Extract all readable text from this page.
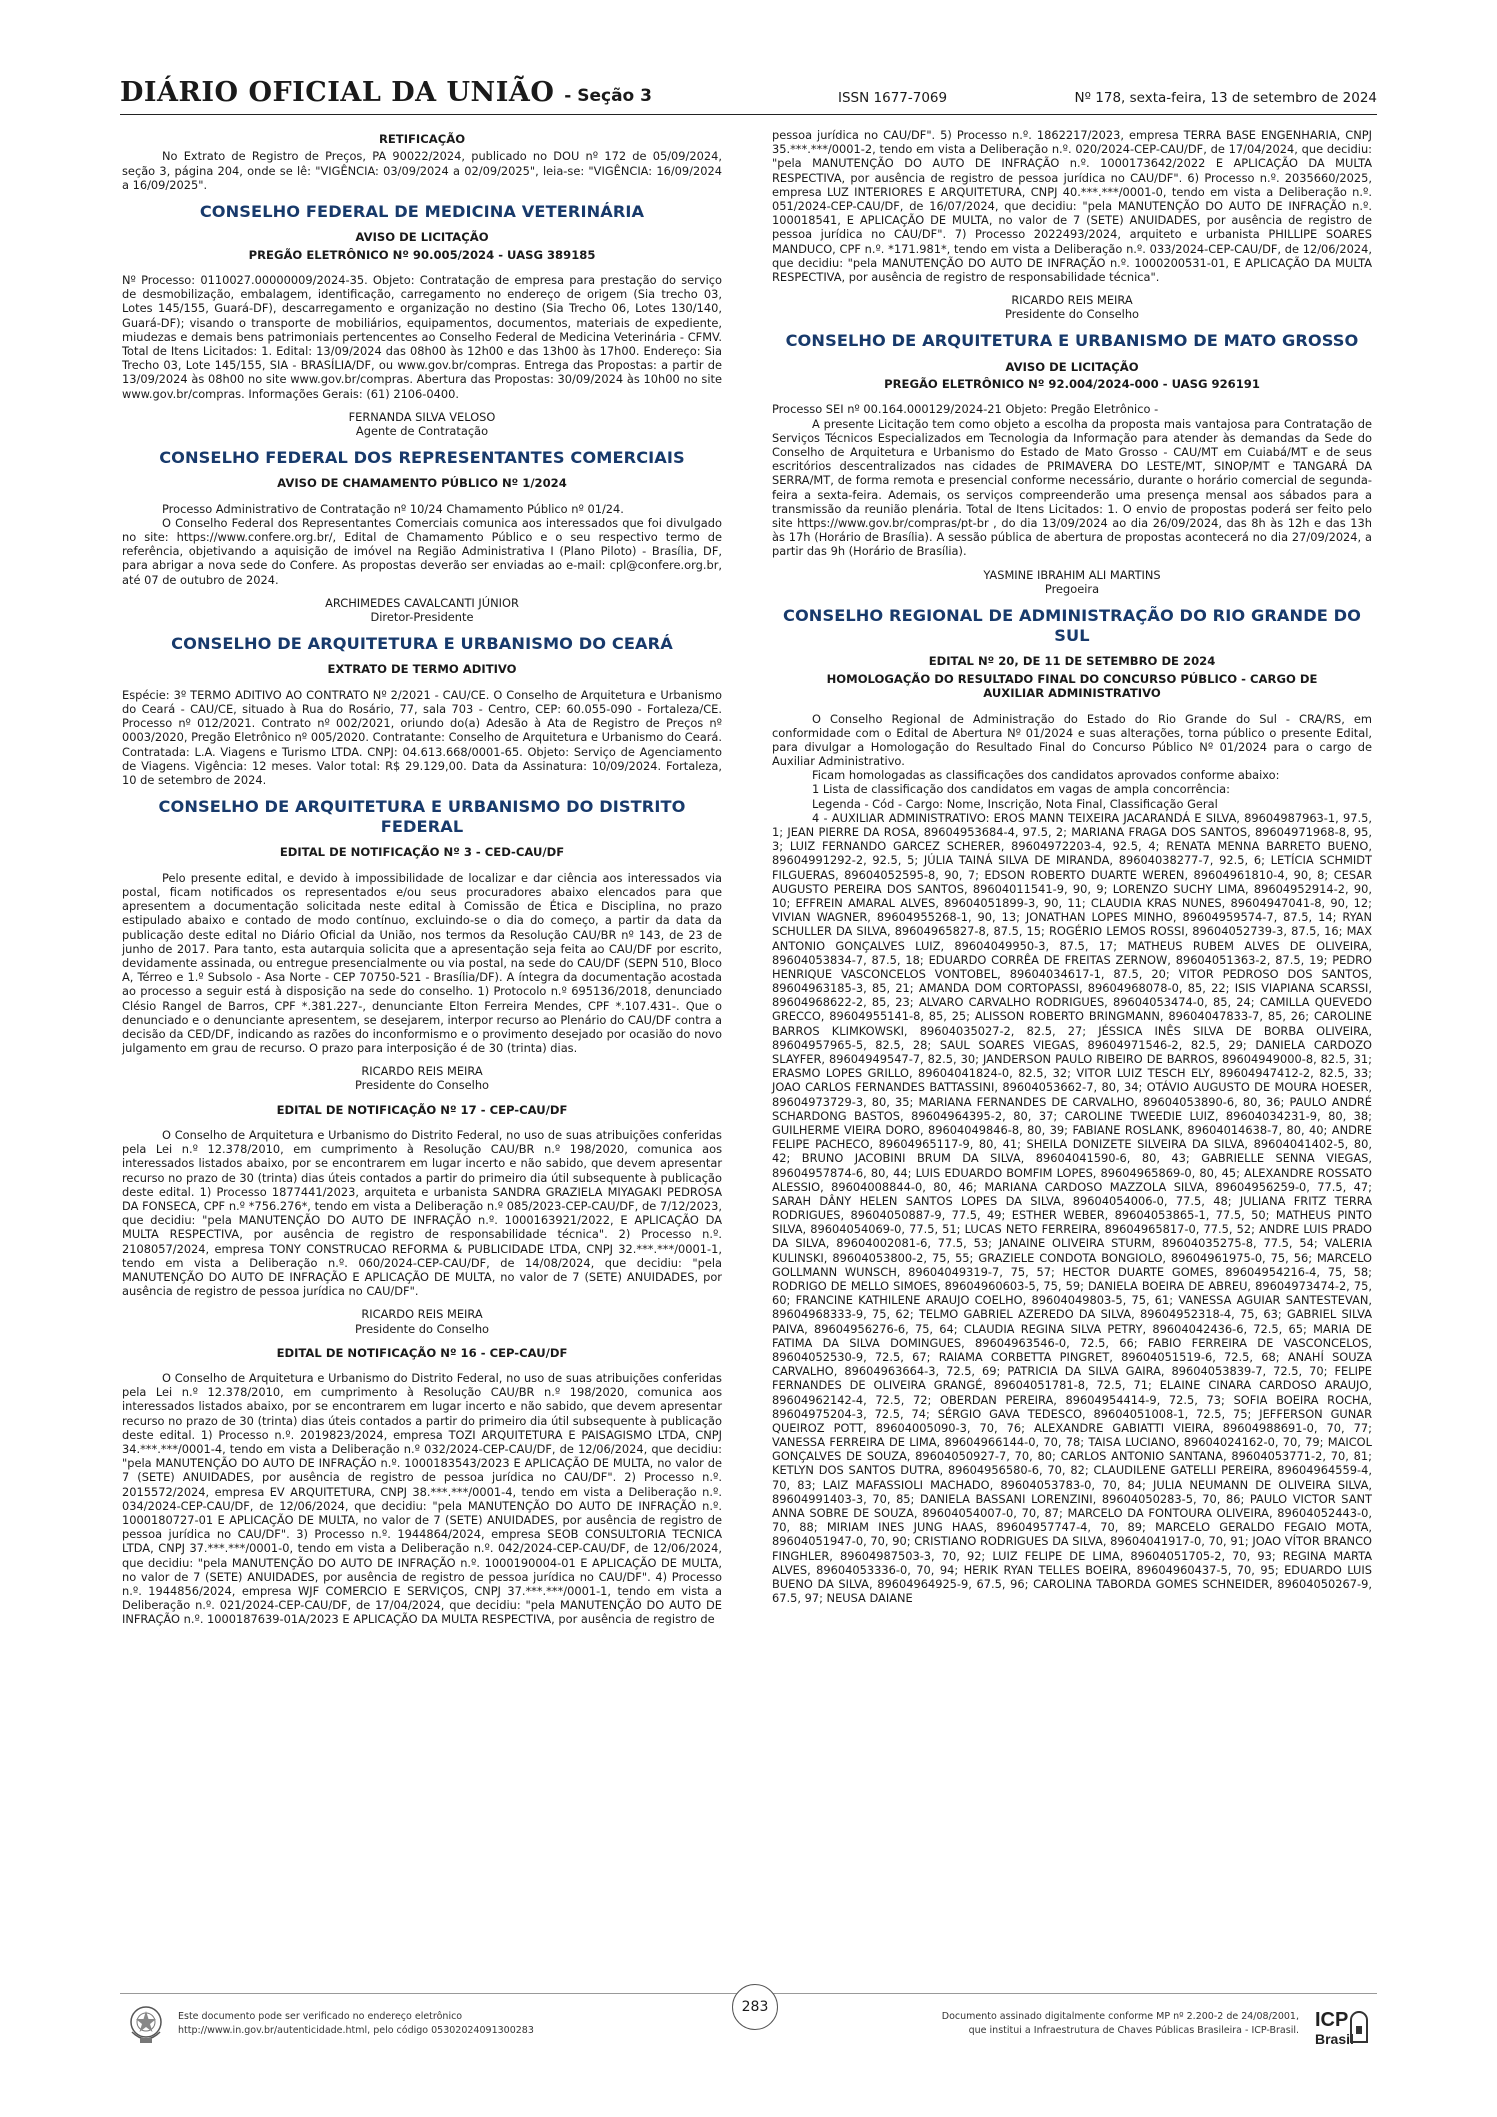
DIÁRIO OFICIAL DA UNIÃO - Seção 3	ISSN 1677-7069	Nº 178, sexta-feira, 13 de setembro de 2024
RETIFICAÇÃO

No Extrato de Registro de Preços, PA 90022/2024, publicado no DOU nº 172 de 05/09/2024, seção 3, página 204, onde se lê: "VIGÊNCIA: 03/09/2024 a 02/09/2025", leia-se: "VIGÊNCIA: 16/09/2024 a 16/09/2025".

CONSELHO FEDERAL DE MEDICINA VETERINÁRIA
AVISO DE LICITAÇÃO
PREGÃO ELETRÔNICO Nº 90.005/2024 - UASG 389185

Nº Processo: 0110027.00000009/2024-35. Objeto: Contratação de empresa para prestação do serviço de desmobilização, embalagem, identificação, carregamento no endereço de origem (Sia trecho 03, Lotes 145/155, Guará-DF), descarregamento e organização no destino (Sia Trecho 06, Lotes 130/140, Guará-DF); visando o transporte de mobiliários, equipamentos, documentos, materiais de expediente, miudezas e demais bens patrimoniais pertencentes ao Conselho Federal de Medicina Veterinária - CFMV. Total de Itens Licitados: 1. Edital: 13/09/2024 das 08h00 às 12h00 e das 13h00 às 17h00. Endereço: Sia Trecho 03, Lote 145/155, SIA - BRASÍLIA/DF, ou www.gov.br/compras. Entrega das Propostas: a partir de 13/09/2024 às 08h00 no site www.gov.br/compras. Abertura das Propostas: 30/09/2024 às 10h00 no site www.gov.br/compras. Informações Gerais: (61) 2106-0400.

FERNANDA SILVA VELOSO
Agente de Contratação
CONSELHO FEDERAL DOS REPRESENTANTES COMERCIAIS
AVISO DE CHAMAMENTO PÚBLICO Nº 1/2024

Processo Administrativo de Contratação nº 10/24 Chamamento Público nº 01/24.

O Conselho Federal dos Representantes Comerciais comunica aos interessados que foi divulgado no site: https://www.confere.org.br/, Edital de Chamamento Público e o seu respectivo termo de referência, objetivando a aquisição de imóvel na Região Administrativa I (Plano Piloto) - Brasília, DF, para abrigar a nova sede do Confere. As propostas deverão ser enviadas ao e-mail: cpl@confere.org.br, até 07 de outubro de 2024.

ARCHIMEDES CAVALCANTI JÚNIOR
Diretor-Presidente
CONSELHO DE ARQUITETURA E URBANISMO DO CEARÁ
EXTRATO DE TERMO ADITIVO

Espécie: 3º TERMO ADITIVO AO CONTRATO Nº 2/2021 - CAU/CE. O Conselho de Arquitetura e Urbanismo do Ceará - CAU/CE, situado à Rua do Rosário, 77, sala 703 - Centro, CEP: 60.055-090 - Fortaleza/CE. Processo nº 012/2021. Contrato nº 002/2021, oriundo do(a) Adesão à Ata de Registro de Preços nº 0003/2020, Pregão Eletrônico nº 005/2020. Contratante: Conselho de Arquitetura e Urbanismo do Ceará. Contratada: L.A. Viagens e Turismo LTDA. CNPJ: 04.613.668/0001-65. Objeto: Serviço de Agenciamento de Viagens. Vigência: 12 meses. Valor total: R$ 29.129,00. Data da Assinatura: 10/09/2024. Fortaleza, 10 de setembro de 2024.

CONSELHO DE ARQUITETURA E URBANISMO DO DISTRITO FEDERAL
EDITAL DE NOTIFICAÇÃO Nº 3 - CED-CAU/DF

Pelo presente edital, e devido à impossibilidade de localizar e dar ciência aos interessados via postal, ficam notificados os representados e/ou seus procuradores abaixo elencados para que apresentem a documentação solicitada neste edital à Comissão de Ética e Disciplina, no prazo estipulado abaixo e contado de modo contínuo, excluindo-se o dia do começo, a partir da data da publicação deste edital no Diário Oficial da União, nos termos da Resolução CAU/BR nº 143, de 23 de junho de 2017. Para tanto, esta autarquia solicita que a apresentação seja feita ao CAU/DF por escrito, devidamente assinada, ou entregue presencialmente ou via postal, na sede do CAU/DF (SEPN 510, Bloco A, Térreo e 1.º Subsolo - Asa Norte - CEP 70750-521 - Brasília/DF). A íntegra da documentação acostada ao processo a seguir está à disposição na sede do conselho. 1) Protocolo n.º 695136/2018, denunciado Clésio Rangel de Barros, CPF *.381.227-, denunciante Elton Ferreira Mendes, CPF *.107.431-. Que o denunciado e o denunciante apresentem, se desejarem, interpor recurso ao Plenário do CAU/DF contra a decisão da CED/DF, indicando as razões do inconformismo e o provimento desejado por ocasião do novo julgamento em grau de recurso. O prazo para interposição é de 30 (trinta) dias.

RICARDO REIS MEIRA
Presidente do Conselho
EDITAL DE NOTIFICAÇÃO Nº 17 - CEP-CAU/DF

O Conselho de Arquitetura e Urbanismo do Distrito Federal, no uso de suas atribuições conferidas pela Lei n.º 12.378/2010, em cumprimento à Resolução CAU/BR n.º 198/2020, comunica aos interessados listados abaixo, por se encontrarem em lugar incerto e não sabido, que devem apresentar recurso no prazo de 30 (trinta) dias úteis contados a partir do primeiro dia útil subsequente à publicação deste edital. 1) Processo 1877441/2023, arquiteta e urbanista SANDRA GRAZIELA MIYAGAKI PEDROSA DA FONSECA, CPF n.º *756.276*, tendo em vista a Deliberação n.º 085/2023-CEP-CAU/DF, de 7/12/2023, que decidiu: "pela MANUTENÇÃO DO AUTO DE INFRAÇÃO n.º. 1000163921/2022, E APLICAÇÃO DA MULTA RESPECTIVA, por ausência de registro de responsabilidade técnica". 2) Processo n.º. 2108057/2024, empresa TONY CONSTRUCAO REFORMA & PUBLICIDADE LTDA, CNPJ 32.***.***/0001-1, tendo em vista a Deliberação n.º. 060/2024-CEP-CAU/DF, de 14/08/2024, que decidiu: "pela MANUTENÇÃO DO AUTO DE INFRAÇÃO E APLICAÇÃO DE MULTA, no valor de 7 (SETE) ANUIDADES, por ausência de registro de pessoa jurídica no CAU/DF".

RICARDO REIS MEIRA
Presidente do Conselho
EDITAL DE NOTIFICAÇÃO Nº 16 - CEP-CAU/DF

O Conselho de Arquitetura e Urbanismo do Distrito Federal, no uso de suas atribuições conferidas pela Lei n.º 12.378/2010, em cumprimento à Resolução CAU/BR n.º 198/2020, comunica aos interessados listados abaixo, por se encontrarem em lugar incerto e não sabido, que devem apresentar recurso no prazo de 30 (trinta) dias úteis contados a partir do primeiro dia útil subsequente à publicação deste edital. 1) Processo n.º. 2019823/2024, empresa TOZI ARQUITETURA E PAISAGISMO LTDA, CNPJ 34.***.***/0001-4, tendo em vista a Deliberação n.º 032/2024-CEP-CAU/DF, de 12/06/2024, que decidiu: "pela MANUTENÇÃO DO AUTO DE INFRAÇÃO n.º. 1000183543/2023 E APLICAÇÃO DE MULTA, no valor de 7 (SETE) ANUIDADES, por ausência de registro de pessoa jurídica no CAU/DF". 2) Processo n.º. 2015572/2024, empresa EV ARQUITETURA, CNPJ 38.***.***/0001-4, tendo em vista a Deliberação n.º. 034/2024-CEP-CAU/DF, de 12/06/2024, que decidiu: "pela MANUTENÇÃO DO AUTO DE INFRAÇÃO n.º. 1000180727-01 E APLICAÇÃO DE MULTA, no valor de 7 (SETE) ANUIDADES, por ausência de registro de pessoa jurídica no CAU/DF". 3) Processo n.º. 1944864/2024, empresa SEOB CONSULTORIA TECNICA LTDA, CNPJ 37.***.***/0001-0, tendo em vista a Deliberação n.º. 042/2024-CEP-CAU/DF, de 12/06/2024, que decidiu: "pela MANUTENÇÃO DO AUTO DE INFRAÇÃO n.º. 1000190004-01 E APLICAÇÃO DE MULTA, no valor de 7 (SETE) ANUIDADES, por ausência de registro de pessoa jurídica no CAU/DF". 4) Processo n.º. 1944856/2024, empresa WJF COMERCIO E SERVIÇOS, CNPJ 37.***.***/0001-1, tendo em vista a Deliberação n.º. 021/2024-CEP-CAU/DF, de 17/04/2024, que decidiu: "pela MANUTENÇÃO DO AUTO DE INFRAÇÃO n.º. 1000187639-01A/2023 E APLICAÇÃO DA MULTA RESPECTIVA, por ausência de registro de

pessoa jurídica no CAU/DF". 5) Processo n.º. 1862217/2023, empresa TERRA BASE ENGENHARIA, CNPJ 35.***.***/0001-2, tendo em vista a Deliberação n.º. 020/2024-CEP-CAU/DF, de 17/04/2024, que decidiu: "pela MANUTENÇÃO DO AUTO DE INFRAÇÃO n.º. 1000173642/2022 E APLICAÇÃO DA MULTA RESPECTIVA, por ausência de registro de pessoa jurídica no CAU/DF". 6) Processo n.º. 2035660/2025, empresa LUZ INTERIORES E ARQUITETURA, CNPJ 40.***.***/0001-0, tendo em vista a Deliberação n.º. 051/2024-CEP-CAU/DF, de 16/07/2024, que decidiu: "pela MANUTENÇÃO DO AUTO DE INFRAÇÃO n.º. 100018541, E APLICAÇÃO DE MULTA, no valor de 7 (SETE) ANUIDADES, por ausência de registro de pessoa jurídica no CAU/DF". 7) Processo 2022493/2024, arquiteto e urbanista PHILLIPE SOARES MANDUCO, CPF n.º. *171.981*, tendo em vista a Deliberação n.º. 033/2024-CEP-CAU/DF, de 12/06/2024, que decidiu: "pela MANUTENÇÃO DO AUTO DE INFRAÇÃO n.º. 1000200531-01, E APLICAÇÃO DA MULTA RESPECTIVA, por ausência de registro de responsabilidade técnica".

RICARDO REIS MEIRA
Presidente do Conselho
CONSELHO DE ARQUITETURA E URBANISMO DE MATO GROSSO
AVISO DE LICITAÇÃO
PREGÃO ELETRÔNICO Nº 92.004/2024-000 - UASG 926191

Processo SEI nº 00.164.000129/2024-21 Objeto: Pregão Eletrônico -

A presente Licitação tem como objeto a escolha da proposta mais vantajosa para Contratação de Serviços Técnicos Especializados em Tecnologia da Informação para atender às demandas da Sede do Conselho de Arquitetura e Urbanismo do Estado de Mato Grosso - CAU/MT em Cuiabá/MT e de seus escritórios descentralizados nas cidades de PRIMAVERA DO LESTE/MT, SINOP/MT e TANGARÁ DA SERRA/MT, de forma remota e presencial conforme necessário, durante o horário comercial de segunda-feira a sexta-feira. Ademais, os serviços compreenderão uma presença mensal aos sábados para a transmissão da reunião plenária. Total de Itens Licitados: 1. O envio de propostas poderá ser feito pelo site https://www.gov.br/compras/pt-br , do dia 13/09/2024 ao dia 26/09/2024, das 8h às 12h e das 13h às 17h (Horário de Brasília). A sessão pública de abertura de propostas acontecerá no dia 27/09/2024, a partir das 9h (Horário de Brasília).

YASMINE IBRAHIM ALI MARTINS
Pregoeira
CONSELHO REGIONAL DE ADMINISTRAÇÃO DO RIO GRANDE DO SUL
EDITAL Nº 20, DE 11 DE SETEMBRO DE 2024
HOMOLOGAÇÃO DO RESULTADO FINAL DO CONCURSO PÚBLICO - CARGO DE AUXILIAR ADMINISTRATIVO

O Conselho Regional de Administração do Estado do Rio Grande do Sul - CRA/RS, em conformidade com o Edital de Abertura Nº 01/2024 e suas alterações, torna público o presente Edital, para divulgar a Homologação do Resultado Final do Concurso Público Nº 01/2024 para o cargo de Auxiliar Administrativo.

Ficam homologadas as classificações dos candidatos aprovados conforme abaixo:

1 Lista de classificação dos candidatos em vagas de ampla concorrência:

Legenda - Cód - Cargo: Nome, Inscrição, Nota Final, Classificação Geral

4 - AUXILIAR ADMINISTRATIVO: EROS MANN TEIXEIRA JACARANDÁ E SILVA, 89604987963-1, 97.5, 1; JEAN PIERRE DA ROSA, 89604953684-4, 97.5, 2; MARIANA FRAGA DOS SANTOS, 89604971968-8, 95, 3; LUIZ FERNANDO GARCEZ SCHERER, 89604972203-4, 92.5, 4; RENATA MENNA BARRETO BUENO, 89604991292-2, 92.5, 5; JÚLIA TAINÁ SILVA DE MIRANDA, 89604038277-7, 92.5, 6; LETÍCIA SCHMIDT FILGUERAS, 89604052595-8, 90, 7; EDSON ROBERTO DUARTE WEREN, 89604961810-4, 90, 8; CESAR AUGUSTO PEREIRA DOS SANTOS, 89604011541-9, 90, 9; LORENZO SUCHY LIMA, 89604952914-2, 90, 10; EFFREIN AMARAL ALVES, 89604051899-3, 90, 11; CLAUDIA KRAS NUNES, 89604947041-8, 90, 12; VIVIAN WAGNER, 89604955268-1, 90, 13; JONATHAN LOPES MINHO, 89604959574-7, 87.5, 14; RYAN SCHULLER DA SILVA, 89604965827-8, 87.5, 15; ROGÉRIO LEMOS ROSSI, 89604052739-3, 87.5, 16; MAX ANTONIO GONÇALVES LUIZ, 89604049950-3, 87.5, 17; MATHEUS RUBEM ALVES DE OLIVEIRA, 89604053834-7, 87.5, 18; EDUARDO CORRÊA DE FREITAS ZERNOW, 89604051363-2, 87.5, 19; PEDRO HENRIQUE VASCONCELOS VONTOBEL, 89604034617-1, 87.5, 20; VITOR PEDROSO DOS SANTOS, 89604963185-3, 85, 21; AMANDA DOM CORTOPASSI, 89604968078-0, 85, 22; ISIS VIAPIANA SCARSSI, 89604968622-2, 85, 23; ALVARO CARVALHO RODRIGUES, 89604053474-0, 85, 24; CAMILLA QUEVEDO GRECCO, 89604955141-8, 85, 25; ALISSON ROBERTO BRINGMANN, 89604047833-7, 85, 26; CAROLINE BARROS KLIMKOWSKI, 89604035027-2, 82.5, 27; JÉSSICA INÊS SILVA DE BORBA OLIVEIRA, 89604957965-5, 82.5, 28; SAUL SOARES VIEGAS, 89604971546-2, 82.5, 29; DANIELA CARDOZO SLAYFER, 89604949547-7, 82.5, 30; JANDERSON PAULO RIBEIRO DE BARROS, 89604949000-8, 82.5, 31; ERASMO LOPES GRILLO, 89604041824-0, 82.5, 32; VITOR LUIZ TESCH ELY, 89604947412-2, 82.5, 33; JOAO CARLOS FERNANDES BATTASSINI, 89604053662-7, 80, 34; OTÁVIO AUGUSTO DE MOURA HOESER, 89604973729-3, 80, 35; MARIANA FERNANDES DE CARVALHO, 89604053890-6, 80, 36; PAULO ANDRÉ SCHARDONG BASTOS, 89604964395-2, 80, 37; CAROLINE TWEEDIE LUIZ, 89604034231-9, 80, 38; GUILHERME VIEIRA DORO, 89604049846-8, 80, 39; FABIANE ROSLANK, 89604014638-7, 80, 40; ANDRE FELIPE PACHECO, 89604965117-9, 80, 41; SHEILA DONIZETE SILVEIRA DA SILVA, 89604041402-5, 80, 42; BRUNO JACOBINI BRUM DA SILVA, 89604041590-6, 80, 43; GABRIELLE SENNA VIEGAS, 89604957874-6, 80, 44; LUIS EDUARDO BOMFIM LOPES, 89604965869-0, 80, 45; ALEXANDRE ROSSATO ALESSIO, 89604008844-0, 80, 46; MARIANA CARDOSO MAZZOLA SILVA, 89604956259-0, 77.5, 47; SARAH DÂNY HELEN SANTOS LOPES DA SILVA, 89604054006-0, 77.5, 48; JULIANA FRITZ TERRA RODRIGUES, 89604050887-9, 77.5, 49; ESTHER WEBER, 89604053865-1, 77.5, 50; MATHEUS PINTO SILVA, 89604054069-0, 77.5, 51; LUCAS NETO FERREIRA, 89604965817-0, 77.5, 52; ANDRE LUIS PRADO DA SILVA, 89604002081-6, 77.5, 53; JANAINE OLIVEIRA STURM, 89604035275-8, 77.5, 54; VALERIA KULINSKI, 89604053800-2, 75, 55; GRAZIELE CONDOTA BONGIOLO, 89604961975-0, 75, 56; MARCELO GOLLMANN WUNSCH, 89604049319-7, 75, 57; HECTOR DUARTE GOMES, 89604954216-4, 75, 58; RODRIGO DE MELLO SIMOES, 89604960603-5, 75, 59; DANIELA BOEIRA DE ABREU, 89604973474-2, 75, 60; FRANCINE KATHILENE ARAUJO COELHO, 89604049803-5, 75, 61; VANESSA AGUIAR SANTESTEVAN, 89604968333-9, 75, 62; TELMO GABRIEL AZEREDO DA SILVA, 89604952318-4, 75, 63; GABRIEL SILVA PAIVA, 89604956276-6, 75, 64; CLAUDIA REGINA SILVA PETRY, 89604042436-6, 72.5, 65; MARIA DE FATIMA DA SILVA DOMINGUES, 89604963546-0, 72.5, 66; FABIO FERREIRA DE VASCONCELOS, 89604052530-9, 72.5, 67; RAIAMA CORBETTA PINGRET, 89604051519-6, 72.5, 68; ANAHÍ SOUZA CARVALHO, 89604963664-3, 72.5, 69; PATRICIA DA SILVA GAIRA, 89604053839-7, 72.5, 70; FELIPE FERNANDES DE OLIVEIRA GRANGÉ, 89604051781-8, 72.5, 71; ELAINE CINARA CARDOSO ARAUJO, 89604962142-4, 72.5, 72; OBERDAN PEREIRA, 89604954414-9, 72.5, 73; SOFIA BOEIRA ROCHA, 89604975204-3, 72.5, 74; SÉRGIO GAVA TEDESCO, 89604051008-1, 72.5, 75; JEFFERSON GUNAR QUEIROZ POTT, 89604005090-3, 70, 76; ALEXANDRE GABIATTI VIEIRA, 89604988691-0, 70, 77; VANESSA FERREIRA DE LIMA, 89604966144-0, 70, 78; TAISA LUCIANO, 89604024162-0, 70, 79; MAICOL GONÇALVES DE SOUZA, 89604050927-7, 70, 80; CARLOS ANTONIO SANTANA, 89604053771-2, 70, 81; KETLYN DOS SANTOS DUTRA, 89604956580-6, 70, 82; CLAUDILENE GATELLI PEREIRA, 89604964559-4, 70, 83; LAIZ MAFASSIOLI MACHADO, 89604053783-0, 70, 84; JULIA NEUMANN DE OLIVEIRA SILVA, 89604991403-3, 70, 85; DANIELA BASSANI LORENZINI, 89604050283-5, 70, 86; PAULO VICTOR SANT ANNA SOBRE DE SOUZA, 89604054007-0, 70, 87; MARCELO DA FONTOURA OLIVEIRA, 89604052443-0, 70, 88; MIRIAM INES JUNG HAAS, 89604957747-4, 70, 89; MARCELO GERALDO FEGAIO MOTA, 89604051947-0, 70, 90; CRISTIANO RODRIGUES DA SILVA, 89604041917-0, 70, 91; JOAO VÍTOR BRANCO FINGHLER, 89604987503-3, 70, 92; LUIZ FELIPE DE LIMA, 89604051705-2, 70, 93; REGINA MARTA ALVES, 89604053336-0, 70, 94; HERIK RYAN TELLES BOEIRA, 89604960437-5, 70, 95; EDUARDO LUIS BUENO DA SILVA, 89604964925-9, 67.5, 96; CAROLINA TABORDA GOMES SCHNEIDER, 89604050267-9, 67.5, 97; NEUSA DAIANE

Este documento pode ser verificado no endereço eletrônico
http://www.in.gov.br/autenticidade.html, pelo código 05302024091300283
283
Documento assinado digitalmente conforme MP nº 2.200-2 de 24/08/2001,
que institui a Infraestrutura de Chaves Públicas Brasileira - ICP-Brasil. ICP
Brasil
